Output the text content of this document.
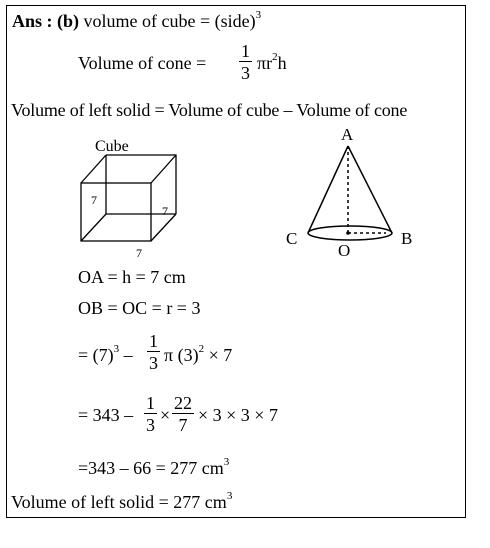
Ans : (b) volume of cube = (side)$^3$
Volume of cone = $\frac{1}{3} \pi r^2h$
Volume of left solid = Volume of cube – Volume of cone
Cube
7
7
7
A
C
O
B
OA = h = 7 cm
OB = OC = r = 3
= $(7)^3 - \frac{1}{3}$ π $(3)^2 \times 7$
= $343 - \frac{1}{3} \times \frac{22}{7} \times 3 \times 3 \times 7$
=343 – 66 = 277 $cm^3$
Volume of left solid = 277 $cm^3$
